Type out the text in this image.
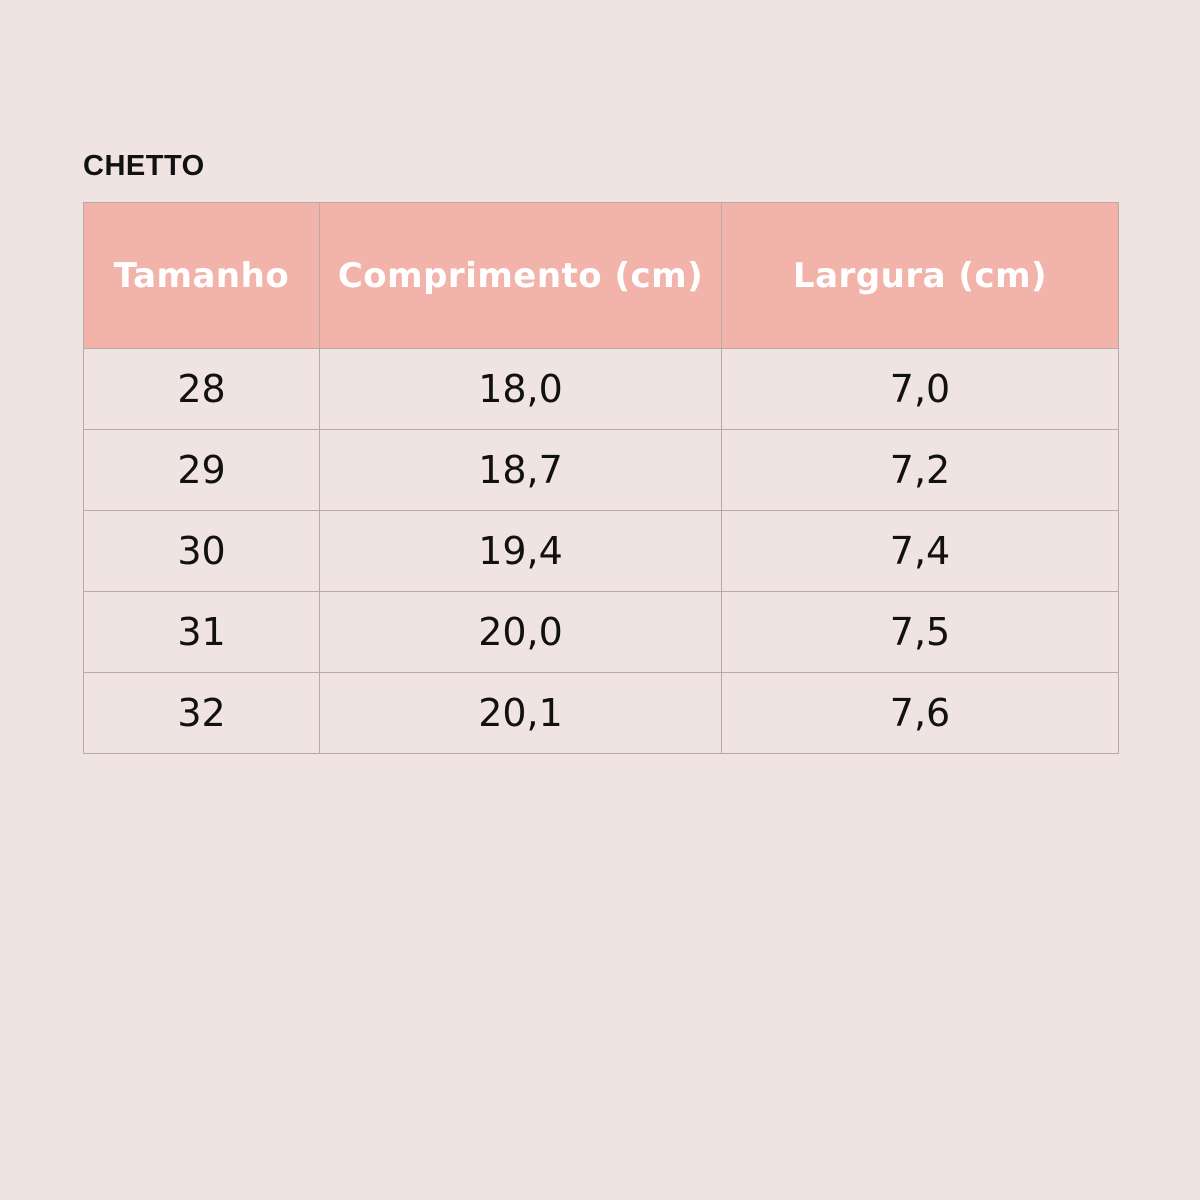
CHETTO
Tamanho	Comprimento (cm)	Largura (cm)
28	18,0	7,0
29	18,7	7,2
30	19,4	7,4
31	20,0	7,5
32	20,1	7,6
